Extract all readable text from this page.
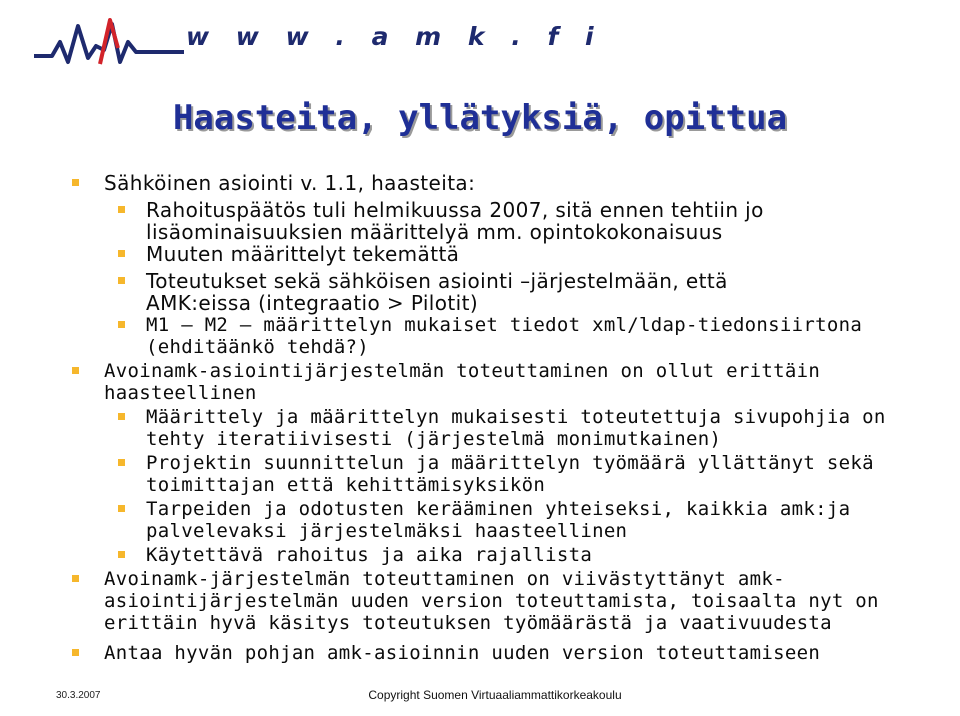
w w w . a m k . f i
Haasteita, yllätyksiä, opittua
Sähköinen asiointi v. 1.1, haasteita:
Rahoituspäätös tuli helmikuussa 2007, sitä ennen tehtiin jo
lisäominaisuuksien määrittelyä mm. opintokokonaisuus
Muuten määrittelyt tekemättä
Toteutukset sekä sähköisen asiointi –järjestelmään, että
AMK:eissa (integraatio > Pilotit)
M1 – M2 – määrittelyn mukaiset tiedot xml/ldap-tiedonsiirtona
(ehditäänkö tehdä?)
Avoinamk-asiointijärjestelmän toteuttaminen on ollut erittäin
haasteellinen
Määrittely ja määrittelyn mukaisesti toteutettuja sivupohjia on
tehty iteratiivisesti (järjestelmä monimutkainen)
Projektin suunnittelun ja määrittelyn työmäärä yllättänyt sekä
toimittajan että kehittämisyksikön
Tarpeiden ja odotusten kerääminen yhteiseksi, kaikkia amk:ja
palvelevaksi järjestelmäksi haasteellinen
Käytettävä rahoitus ja aika rajallista
Avoinamk-järjestelmän toteuttaminen on viivästyttänyt amk-
asiointijärjestelmän uuden version toteuttamista, toisaalta nyt on
erittäin hyvä käsitys toteutuksen työmäärästä ja vaativuudesta
Antaa hyvän pohjan amk-asioinnin uuden version toteuttamiseen
30.3.2007	Copyright Suomen Virtuaaliammattikorkeakoulu
